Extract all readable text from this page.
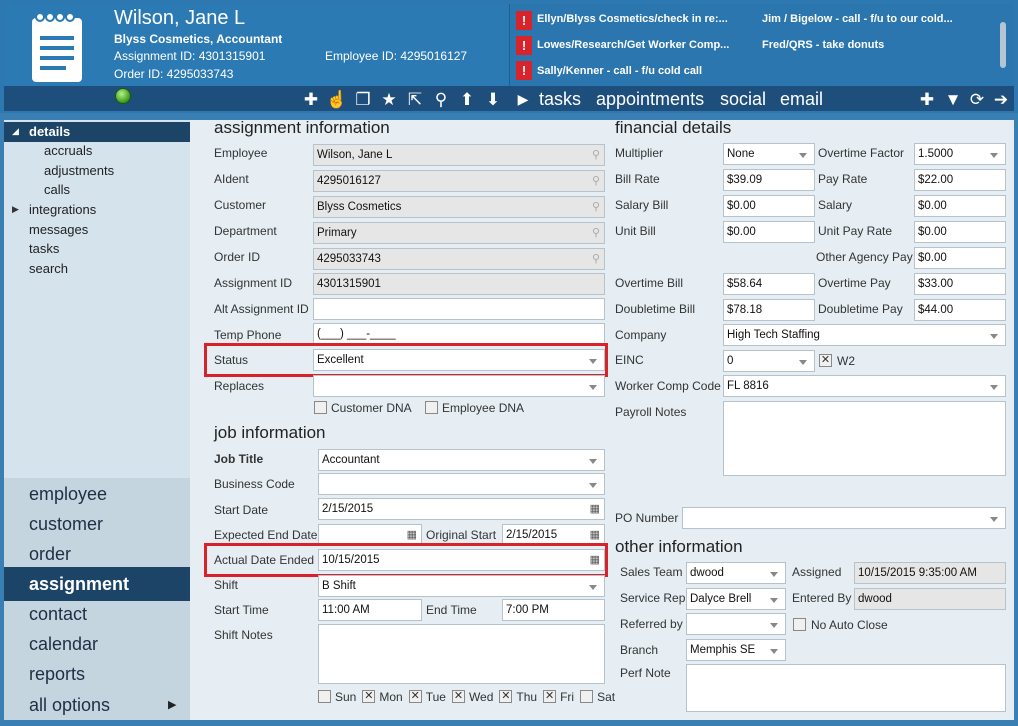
Wilson, Jane L
Blyss Cosmetics, Accountant
Assignment ID: 4301315901	Employee ID: 4295016127
Order ID: 4295033743
! Ellyn/Blyss Cosmetics/check in re:...
! Lowes/Research/Get Worker Comp...
! Sally/Kenner - call - f/u cold call
Jim / Bigelow - call - f/u to our cold...
Fred/QRS - take donuts
✚ ☝ ❐ ★ ⇱ ⚲ ⬆ ⬇	▶ tasks appointments social email	✚ ▼ ⟳ ➔
details
◢
accruals
adjustments
calls
▶ integrations
messages
tasks
search
employee
customer
order
assignment
contact
calendar
reports
all options	▶
assignment information
Employee	Wilson, Jane L	⚲
AIdent	4295016127	⚲
Customer	Blyss Cosmetics	⚲
Department	Primary	⚲
Order ID	4295033743	⚲
Assignment ID	4301315901
Alt Assignment ID
Temp Phone	(___) ___-____
Status	Excellent
Replaces
Customer DNA	Employee DNA
job information
Job Title	Accountant
Business Code
Start Date	2/15/2015	▦
Expected End Date	▦ Original Start 2/15/2015	▦
Actual Date Ended 10/15/2015	▦
Shift	B Shift
Start Time	11:00 AM	End Time	7:00 PM
Shift Notes
Sun ✕ Mon ✕ Tue ✕ Wed ✕ Thu ✕ Fri Sat
financial details
Multiplier	None	Overtime Factor	1.5000
Bill Rate	$39.09	Pay Rate	$22.00
Salary Bill	$0.00	Salary	$0.00
Unit Bill	$0.00	Unit Pay Rate	$0.00
Other Agency Pay $0.00
Overtime Bill	$58.64	Overtime Pay	$33.00
Doubletime Bill	$78.18	Doubletime Pay	$44.00
Company	High Tech Staffing
EINC	0	✕ W2
Worker Comp Code FL 8816
Payroll Notes
PO Number
other information
Sales Team dwood	Assigned	10/15/2015 9:35:00 AM
Service Rep Dalyce Brell	Entered By dwood
Referred by	No Auto Close
Branch	Memphis SE
Perf Note
